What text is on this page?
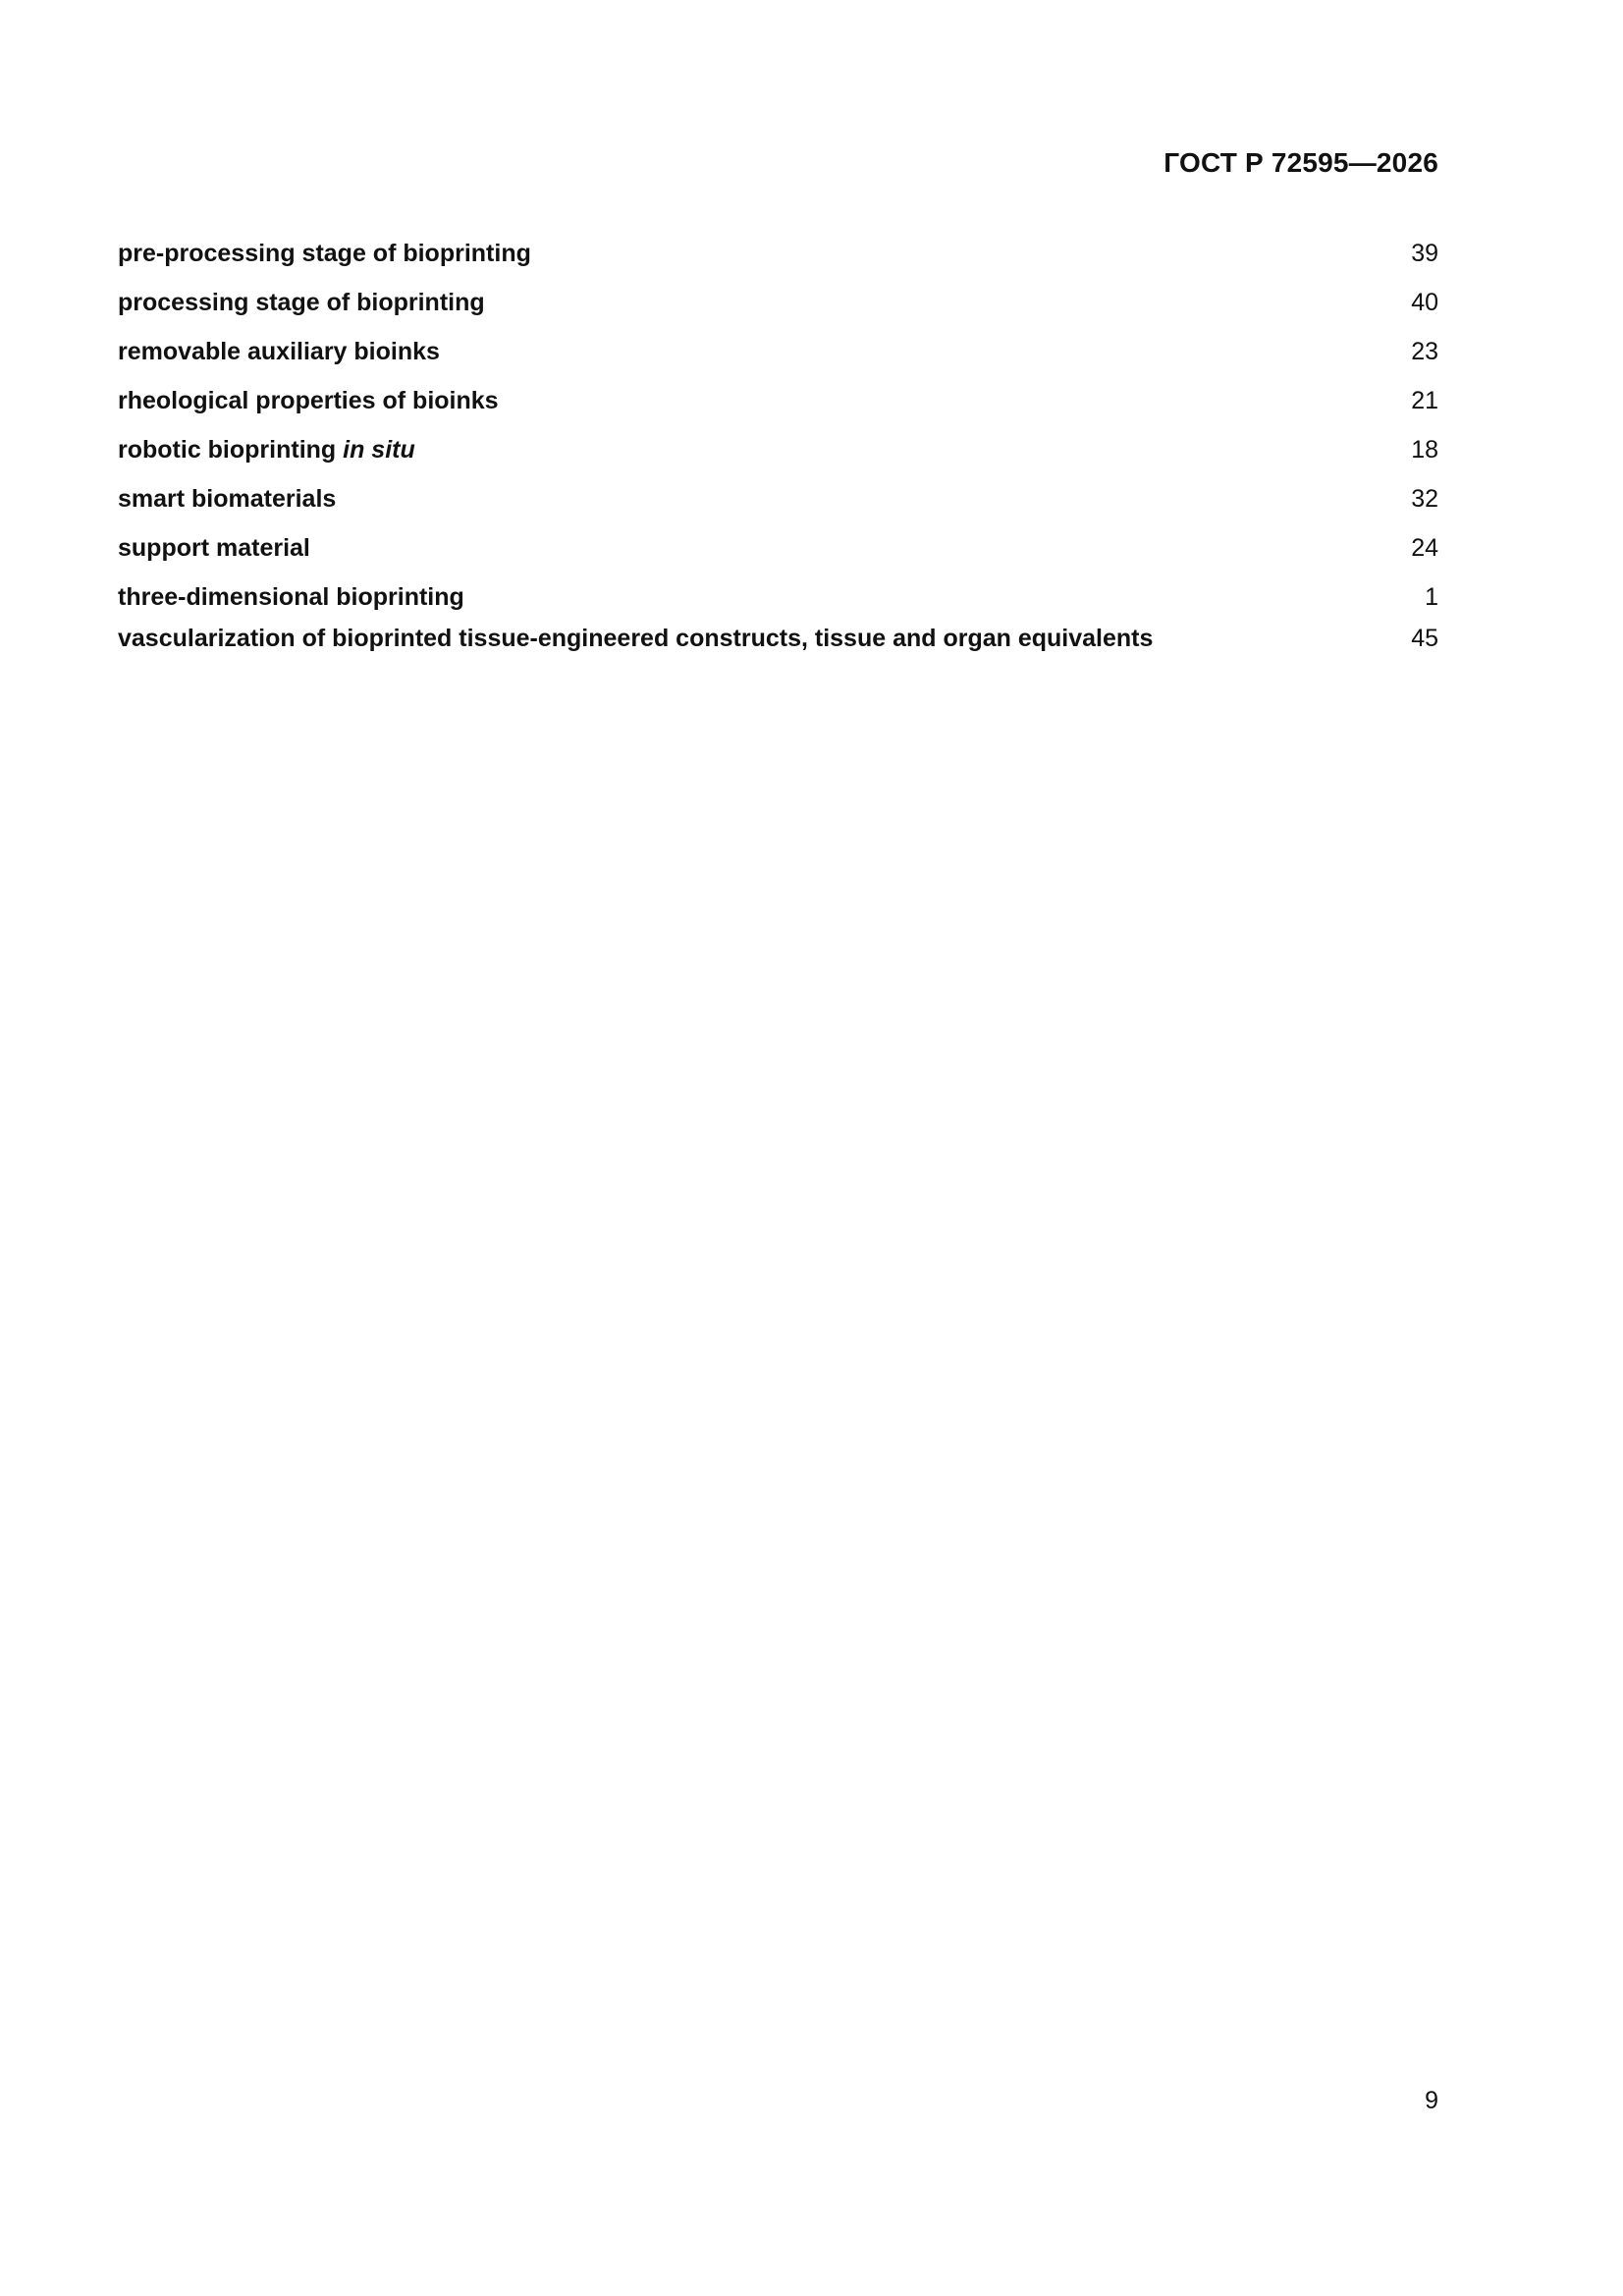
ГОСТ Р 72595—2026
pre-processing stage of bioprinting	39
processing stage of bioprinting	40
removable auxiliary bioinks	23
rheological properties of bioinks	21
robotic bioprinting in situ	18
smart biomaterials	32
support material	24
three-dimensional bioprinting	1
vascularization of bioprinted tissue-engineered constructs, tissue and organ equivalents	45
9
